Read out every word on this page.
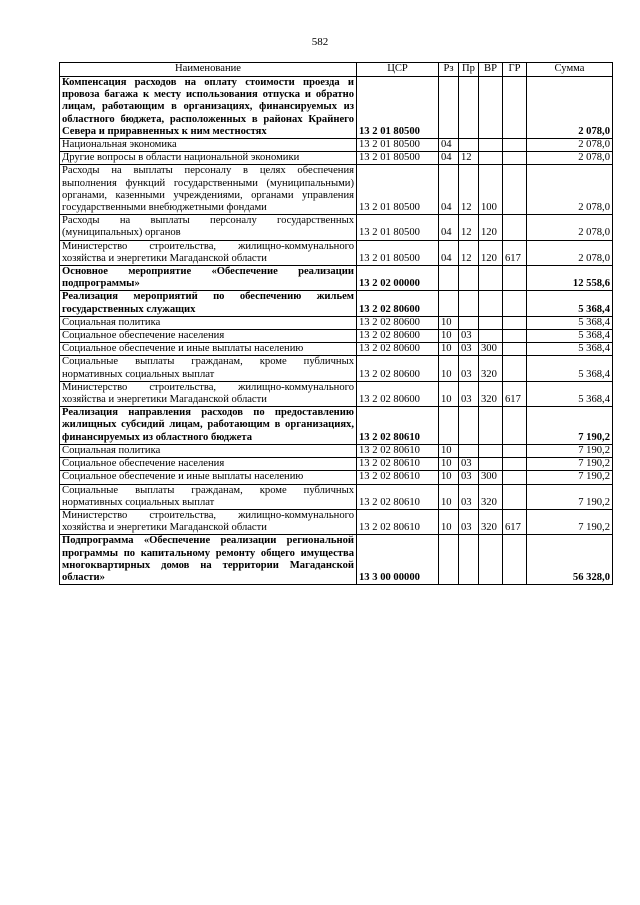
582
Наименование	ЦСР	Рз	Пр	ВР	ГР	Сумма
Компенсация расходов на оплату стоимости проезда и провоза багажа к месту использования отпуска и обратно лицам, работающим в организациях, финансируемых из областного бюджета, расположенных в районах Крайнего Севера и приравненных к ним местностях	13 2 01 80500					2 078,0
Национальная экономика	13 2 01 80500	04				2 078,0
Другие вопросы в области национальной экономики	13 2 01 80500	04	12			2 078,0
Расходы на выплаты персоналу в целях обеспечения выполнения функций государственными (муниципальными) органами, казенными учреждениями, органами управления государственными внебюджетными фондами	13 2 01 80500	04	12	100		2 078,0
Расходы на выплаты персоналу государственных (муниципальных) органов	13 2 01 80500	04	12	120		2 078,0
Министерство строительства, жилищно-коммунального хозяйства и энергетики Магаданской области	13 2 01 80500	04	12	120	617	2 078,0
Основное мероприятие «Обеспечение реализации подпрограммы»	13 2 02 00000					12 558,6
Реализация мероприятий по обеспечению жильем государственных служащих	13 2 02 80600					5 368,4
Социальная политика	13 2 02 80600	10				5 368,4
Социальное обеспечение населения	13 2 02 80600	10	03			5 368,4
Социальное обеспечение и иные выплаты населению	13 2 02 80600	10	03	300		5 368,4
Социальные выплаты гражданам, кроме публичных нормативных социальных выплат	13 2 02 80600	10	03	320		5 368,4
Министерство строительства, жилищно-коммунального хозяйства и энергетики Магаданской области	13 2 02 80600	10	03	320	617	5 368,4
Реализация направления расходов по предоставлению жилищных субсидий лицам, работающим в организациях, финансируемых из областного бюджета	13 2 02 80610					7 190,2
Социальная политика	13 2 02 80610	10				7 190,2
Социальное обеспечение населения	13 2 02 80610	10	03			7 190,2
Социальное обеспечение и иные выплаты населению	13 2 02 80610	10	03	300		7 190,2
Социальные выплаты гражданам, кроме публичных нормативных социальных выплат	13 2 02 80610	10	03	320		7 190,2
Министерство строительства, жилищно-коммунального хозяйства и энергетики Магаданской области	13 2 02 80610	10	03	320	617	7 190,2
Подпрограмма «Обеспечение реализации региональной программы по капитальному ремонту общего имущества многоквартирных домов на территории Магаданской области»	13 3 00 00000					56 328,0
